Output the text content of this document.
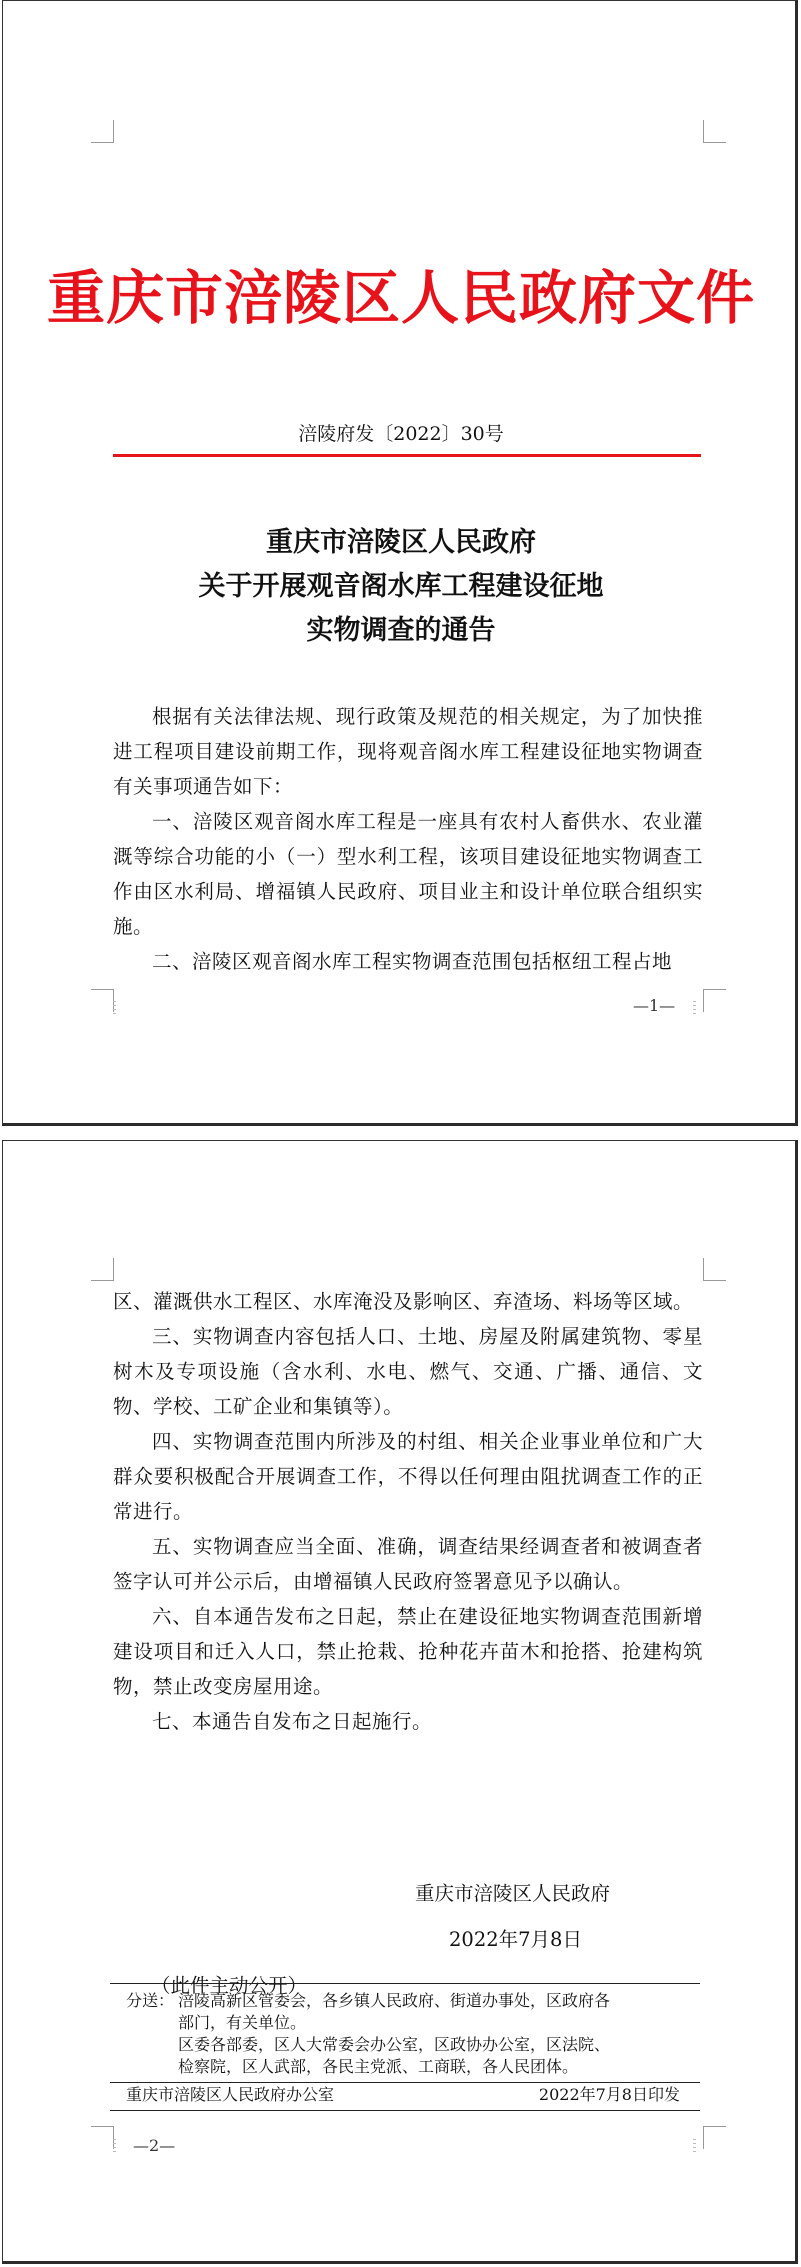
重庆市涪陵区人民政府文件
涪陵府发〔2022〕30号
重庆市涪陵区人民政府
关于开展观音阁水库工程建设征地
实物调查的通告

根据有关法律法规、现行政策及规范的相关规定，为了加快推进工程项目建设前期工作，现将观音阁水库工程建设征地实物调查有关事项通告如下：

一、涪陵区观音阁水库工程是一座具有农村人畜供水、农业灌溉等综合功能的小（一）型水利工程，该项目建设征地实物调查工作由区水利局、增福镇人民政府、项目业主和设计单位联合组织实施。

二、涪陵区观音阁水库工程实物调查范围包括枢纽工程占地

—1—

区、灌溉供水工程区、水库淹没及影响区、弃渣场、料场等区域。

三、实物调查内容包括人口、土地、房屋及附属建筑物、零星树木及专项设施（含水利、水电、燃气、交通、广播、通信、文物、学校、工矿企业和集镇等）。

四、实物调查范围内所涉及的村组、相关企业事业单位和广大群众要积极配合开展调查工作，不得以任何理由阻扰调查工作的正常进行。

五、实物调查应当全面、准确，调查结果经调查者和被调查者签字认可并公示后，由增福镇人民政府签署意见予以确认。

六、自本通告发布之日起，禁止在建设征地实物调查范围新增建设项目和迁入人口，禁止抢栽、抢种花卉苗木和抢搭、抢建构筑物，禁止改变房屋用途。

七、本通告自发布之日起施行。

重庆市涪陵区人民政府
2022年7月8日
（此件主动公开）
—2—
分送： 涪陵高新区管委会，各乡镇人民政府、街道办事处，区政府各
部门，有关单位。
区委各部委，区人大常委会办公室，区政协办公室，区法院、
检察院，区人武部，各民主党派、工商联，各人民团体。
重庆市涪陵区人民政府办公室	2022年7月8日印发
